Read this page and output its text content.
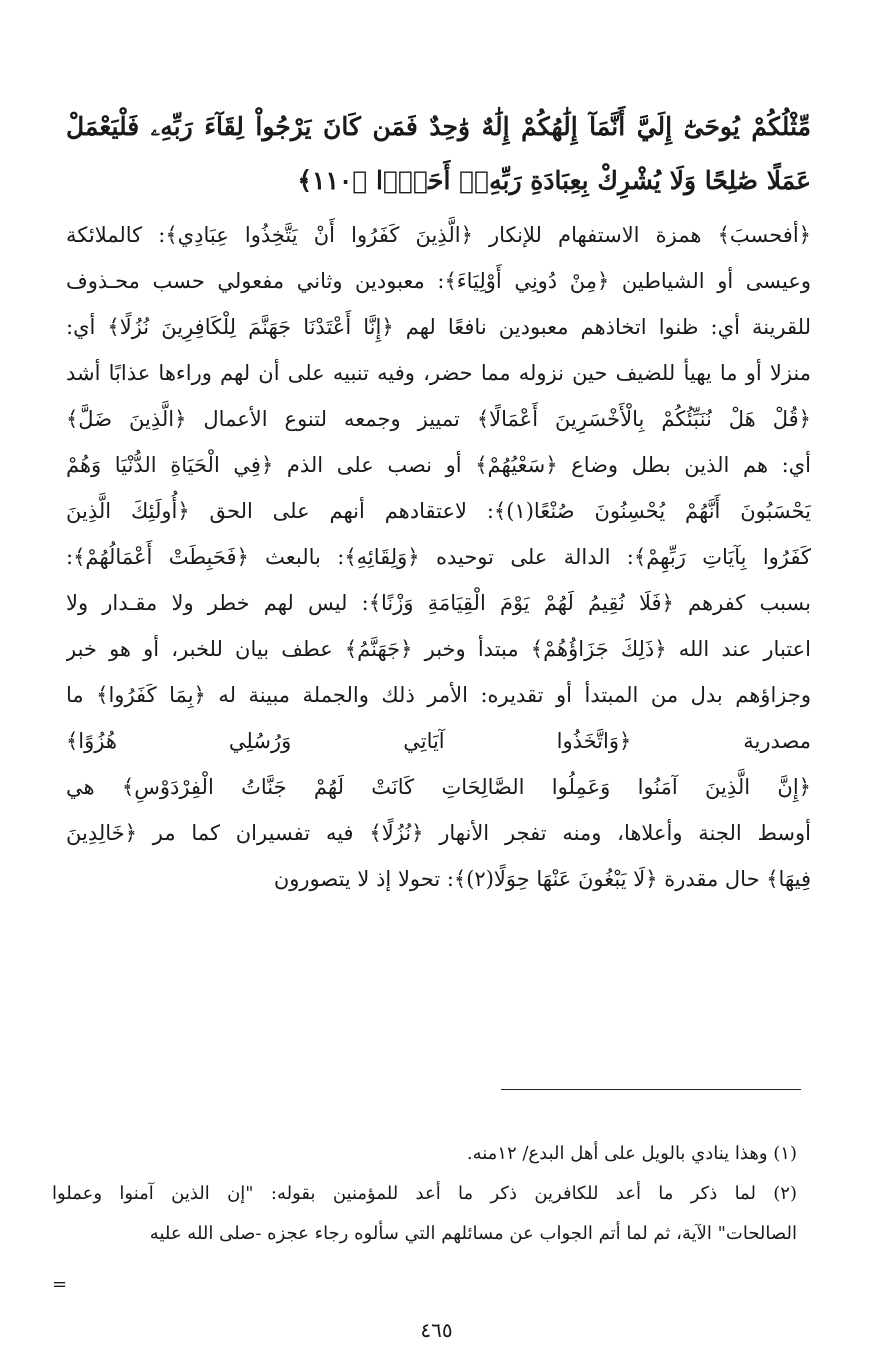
مِّثْلُكُمْ يُوحَىٰٓ إِلَيَّ أَنَّمَآ إِلَٰهُكُمْ إِلَٰهٌ وَٰحِدٌ فَمَن كَانَ يَرْجُواْ لِقَآءَ رَبِّهِۦ فَلْيَعْمَلْ
عَمَلًا صَٰلِحًا وَلَا يُشْرِكْ بِعِبَادَةِ رَبِّهِۦٓ أَحَدًۢا ﴿١١٠﴾
﴿أفحسبَ﴾ همزة الاستفهام للإنكار ﴿الَّذِينَ كَفَرُوا أَنْ يَتَّخِذُوا عِبَادِي﴾: كالملائكة
وعيسى أو الشياطين ﴿مِنْ دُونِي أَوْلِيَاءَ﴾: معبودين وثاني مفعولي حسب محـذوف
للقرينة أي: ظنوا اتخاذهم معبودين نافعًا لهم ﴿إِنَّا أَعْتَدْنَا جَهَنَّمَ لِلْكَافِرِينَ نُزُلًا﴾ أي:
منزلا أو ما يهيأ للضيف حين نزوله مما حضر، وفيه تنبيه على أن لهم وراءها عذابًا أشد
﴿قُلْ هَلْ نُنَبِّئُكُمْ بِالْأَخْسَرِينَ أَعْمَالًا﴾ تمييز وجمعه لتنوع الأعمال ﴿الَّذِينَ ضَلَّ﴾
أي: هم الذين بطل وضاع ﴿سَعْيُهُمْ﴾ أو نصب على الذم ﴿فِي الْحَيَاةِ الدُّنْيَا وَهُمْ
يَحْسَبُونَ أَنَّهُمْ يُحْسِنُونَ صُنْعًا(١)﴾: لاعتقادهم أنهم على الحق ﴿أُولَئِكَ الَّذِينَ
كَفَرُوا بِآيَاتِ رَبِّهِمْ﴾: الدالة على توحيده ﴿وَلِقَائِهِ﴾: بالبعث ﴿فَحَبِطَتْ أَعْمَالُهُمْ﴾:
بسبب كفرهم ﴿فَلَا نُقِيمُ لَهُمْ يَوْمَ الْقِيَامَةِ وَزْنًا﴾: ليس لهم خطر ولا مقـدار ولا
اعتبار عند الله ﴿ذَلِكَ جَزَاؤُهُمْ﴾ مبتدأ وخبر ﴿جَهَنَّمُ﴾ عطف بيان للخبر، أو هو خبر
وجزاؤهم بدل من المبتدأ أو تقديره: الأمر ذلك والجملة مبينة له ﴿بِمَا كَفَرُوا﴾ ما
مصدرية ﴿وَاتَّخَذُوا آيَاتِي وَرُسُلِي هُزُوًا﴾
﴿إِنَّ الَّذِينَ آمَنُوا وَعَمِلُوا الصَّالِحَاتِ كَانَتْ لَهُمْ جَنَّاتُ الْفِرْدَوْسِ﴾ هي
أوسط الجنة وأعلاها، ومنه تفجر الأنهار ﴿نُزُلًا﴾ فيه تفسيران كما مر ﴿خَالِدِينَ
فِيهَا﴾ حال مقدرة ﴿لَا يَبْغُونَ عَنْهَا حِوَلًا(٢)﴾: تحولا إذ لا يتصورون
(١) وهذا ينادي بالويل على أهل البدع/ ١٢منه.
(٢) لما ذكر ما أعد للكافرين ذكر ما أعد للمؤمنين بقوله: "إن الذين آمنوا وعملوا
الصالحات" الآية، ثم لما أتم الجواب عن مسائلهم التي سألوه رجاء عجزه -صلى الله عليه
=
٤٦٥
